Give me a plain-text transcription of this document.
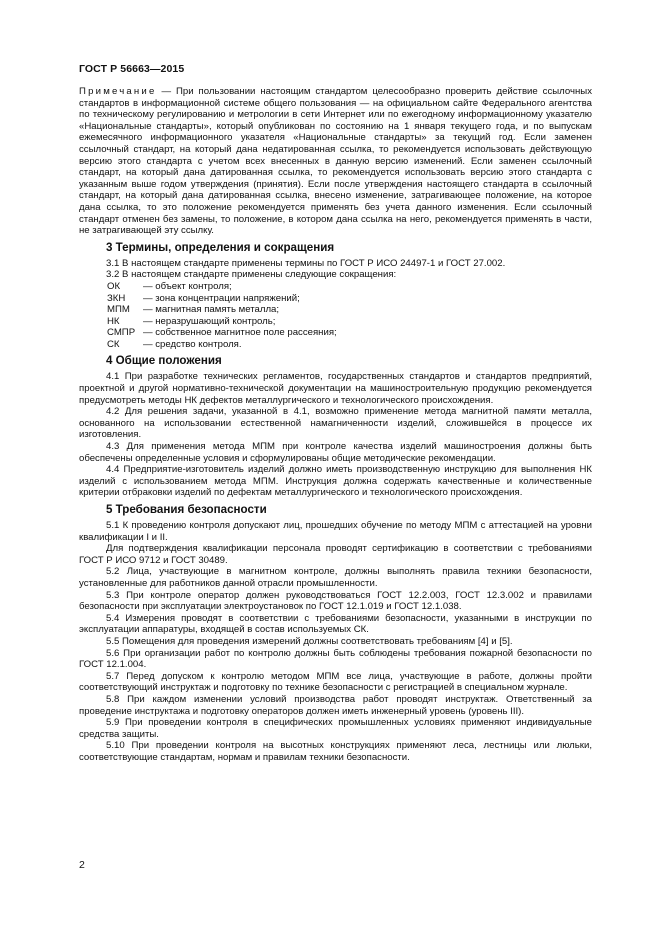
ГОСТ Р 56663—2015

Примечание — При пользовании настоящим стандартом целесообразно проверить действие ссылочных стандартов в информационной системе общего пользования — на официальном сайте Федерального агентства по техническому регулированию и метрологии в сети Интернет или по ежегодному информационному указателю «Национальные стандарты», который опубликован по состоянию на 1 января текущего года, и по выпускам ежемесячного информационного указателя «Национальные стандарты» за текущий год. Если заменен ссылочный стандарт, на который дана недатированная ссылка, то рекомендуется использовать действующую версию этого стандарта с учетом всех внесенных в данную версию изменений. Если заменен ссылочный стандарт, на который дана датированная ссылка, то рекомендуется использовать версию этого стандарта с указанным выше годом утверждения (принятия). Если после утверждения настоящего стандарта в ссылочный стандарт, на который дана датированная ссылка, внесено изменение, затрагивающее положение, на которое дана ссылка, то это положение рекомендуется применять без учета данного изменения. Если ссылочный стандарт отменен без замены, то положение, в котором дана ссылка на него, рекомендуется применять в части, не затрагивающей эту ссылку.

3 Термины, определения и сокращения

3.1 В настоящем стандарте применены термины по ГОСТ Р ИСО 24497-1 и ГОСТ 27.002.

3.2 В настоящем стандарте применены следующие сокращения:

ОК	— объект контроля;
ЗКН	— зона концентрации напряжений;
МПМ	— магнитная память металла;
НК	— неразрушающий контроль;
СМПР — собственное магнитное поле рассеяния;
СК	— средство контроля.
4 Общие положения

4.1 При разработке технических регламентов, государственных стандартов и стандартов предприятий, проектной и другой нормативно-технической документации на машиностроительную продукцию рекомендуется предусмотреть методы НК дефектов металлургического и технологического происхождения.

4.2 Для решения задачи, указанной в 4.1, возможно применение метода магнитной памяти металла, основанного на использовании естественной намагниченности изделий, сложившейся в процессе их изготовления.

4.3 Для применения метода МПМ при контроле качества изделий машиностроения должны быть обеспечены определенные условия и сформулированы общие методические рекомендации.

4.4 Предприятие-изготовитель изделий должно иметь производственную инструкцию для выполнения НК изделий с использованием метода МПМ. Инструкция должна содержать качественные и количественные критерии отбраковки изделий по дефектам металлургического и технологического происхождения.

5 Требования безопасности

5.1 К проведению контроля допускают лиц, прошедших обучение по методу МПМ с аттестацией на уровни квалификации I и II.

Для подтверждения квалификации персонала проводят сертификацию в соответствии с требованиями ГОСТ Р ИСО 9712 и ГОСТ 30489.

5.2 Лица, участвующие в магнитном контроле, должны выполнять правила техники безопасности, установленные для работников данной отрасли промышленности.

5.3 При контроле оператор должен руководствоваться ГОСТ 12.2.003, ГОСТ 12.3.002 и правилами безопасности при эксплуатации электроустановок по ГОСТ 12.1.019 и ГОСТ 12.1.038.

5.4 Измерения проводят в соответствии с требованиями безопасности, указанными в инструкции по эксплуатации аппаратуры, входящей в состав используемых СК.

5.5 Помещения для проведения измерений должны соответствовать требованиям [4] и [5].

5.6 При организации работ по контролю должны быть соблюдены требования пожарной безопасности по ГОСТ 12.1.004.

5.7 Перед допуском к контролю методом МПМ все лица, участвующие в работе, должны пройти соответствующий инструктаж и подготовку по технике безопасности с регистрацией в специальном журнале.

5.8 При каждом изменении условий производства работ проводят инструктаж. Ответственный за проведение инструктажа и подготовку операторов должен иметь инженерный уровень (уровень III).

5.9 При проведении контроля в специфических промышленных условиях применяют индивидуальные средства защиты.

5.10 При проведении контроля на высотных конструкциях применяют леса, лестницы или люльки, соответствующие стандартам, нормам и правилам техники безопасности.

2
